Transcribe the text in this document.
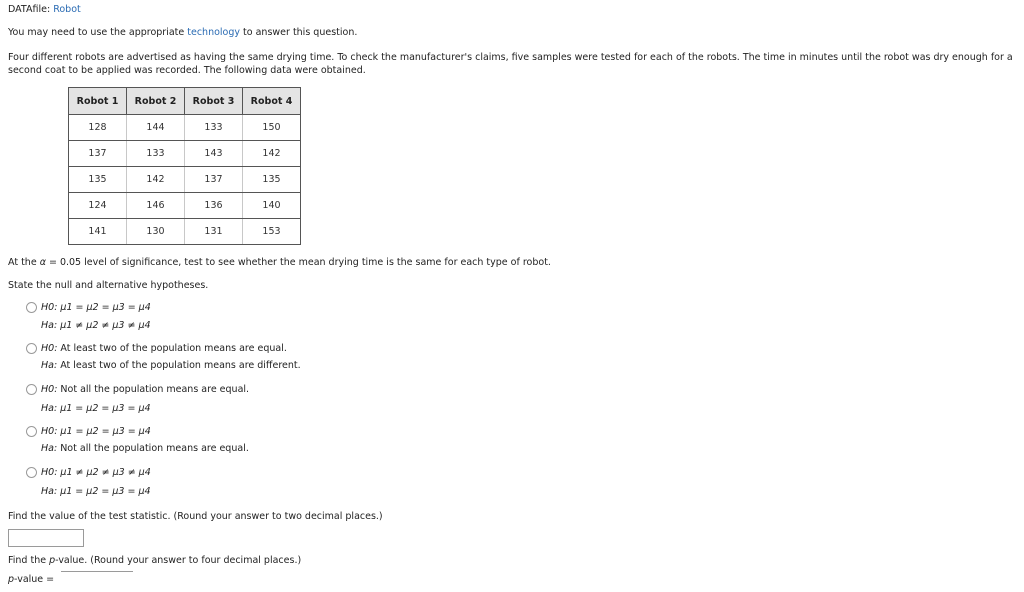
DATAfile: Robot
You may need to use the appropriate technology to answer this question.
Four different robots are advertised as having the same drying time. To check the manufacturer's claims, five samples were tested for each of the robots. The time in minutes until the robot was dry enough for a second coat to be applied was recorded. The following data were obtained.
Robot 1	Robot 2	Robot 3	Robot 4
128	144	133	150
137	133	143	142
135	142	137	135
124	146	136	140
141	130	131	153
At the α = 0.05 level of significance, test to see whether the mean drying time is the same for each type of robot.
State the null and alternative hypotheses.
H0: μ1 = μ2 = μ3 = μ4
Ha: μ1 ≠ μ2 ≠ μ3 ≠ μ4
H0: At least two of the population means are equal.
Ha: At least two of the population means are different.
H0: Not all the population means are equal.
Ha: μ1 = μ2 = μ3 = μ4
H0: μ1 = μ2 = μ3 = μ4
Ha: Not all the population means are equal.
H0: μ1 ≠ μ2 ≠ μ3 ≠ μ4
Ha: μ1 = μ2 = μ3 = μ4
Find the value of the test statistic. (Round your answer to two decimal places.)
Find the p-value. (Round your answer to four decimal places.)
p-value =
